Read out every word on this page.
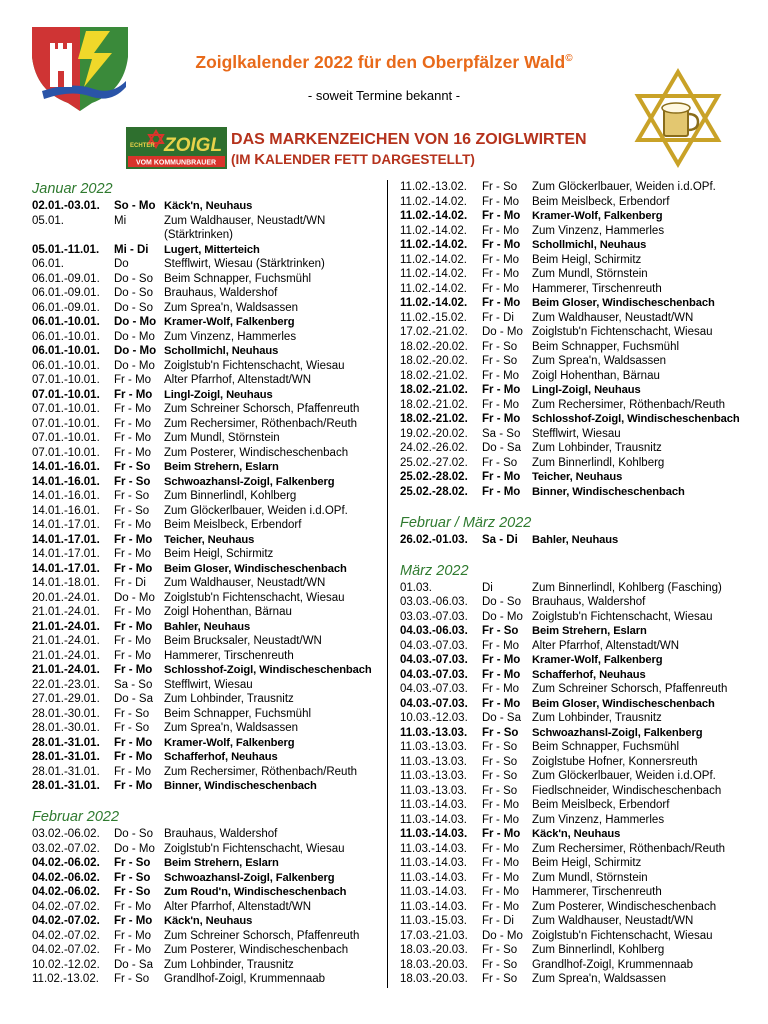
Zoiglkalender 2022 für den Oberpfälzer Wald©
- soweit Termine bekannt -
ECHTER ZOIGL
VOM KOMMUNBRAUER
DAS MARKENZEICHEN VON 16 ZOIGLWIRTEN
(IM KALENDER FETT DARGESTELLT)
Januar 2022
02.01.-03.01. So - Mo Käck'n, Neuhaus
05.01.	Mi	Zum Waldhauser, Neustadt/WN
(Stärktrinken)
05.01.-11.01. Mi - Di Lugert, Mitterteich
06.01.	Do	Stefflwirt, Wiesau (Stärktrinken)
06.01.-09.01. Do - So Beim Schnapper, Fuchsmühl
06.01.-09.01. Do - So Brauhaus, Waldershof
06.01.-09.01. Do - So Zum Sprea'n, Waldsassen
06.01.-10.01. Do - Mo Kramer-Wolf, Falkenberg
06.01.-10.01. Do - Mo Zum Vinzenz, Hammerles
06.01.-10.01. Do - Mo Schollmichl, Neuhaus
06.01.-10.01. Do - Mo Zoiglstub'n Fichtenschacht, Wiesau
07.01.-10.01. Fr - Mo Alter Pfarrhof, Altenstadt/WN
07.01.-10.01. Fr - Mo Lingl-Zoigl, Neuhaus
07.01.-10.01. Fr - Mo Zum Schreiner Schorsch, Pfaffenreuth
07.01.-10.01. Fr - Mo Zum Rechersimer, Röthenbach/Reuth
07.01.-10.01. Fr - Mo Zum Mundl, Störnstein
07.01.-10.01. Fr - Mo Zum Posterer, Windischeschenbach
14.01.-16.01. Fr - So Beim Strehern, Eslarn
14.01.-16.01. Fr - So Schwoazhansl-Zoigl, Falkenberg
14.01.-16.01. Fr - So Zum Binnerlindl, Kohlberg
14.01.-16.01. Fr - So Zum Glöckerlbauer, Weiden i.d.OPf.
14.01.-17.01. Fr - Mo Beim Meislbeck, Erbendorf
14.01.-17.01. Fr - Mo Teicher, Neuhaus
14.01.-17.01. Fr - Mo Beim Heigl, Schirmitz
14.01.-17.01. Fr - Mo Beim Gloser, Windischeschenbach
14.01.-18.01. Fr - Di Zum Waldhauser, Neustadt/WN
20.01.-24.01. Do - Mo Zoiglstub'n Fichtenschacht, Wiesau
21.01.-24.01. Fr - Mo Zoigl Hohenthan, Bärnau
21.01.-24.01. Fr - Mo Bahler, Neuhaus
21.01.-24.01. Fr - Mo Beim Brucksaler, Neustadt/WN
21.01.-24.01. Fr - Mo Hammerer, Tirschenreuth
21.01.-24.01. Fr - Mo Schlosshof-Zoigl, Windischeschenbach
22.01.-23.01. Sa - So Stefflwirt, Wiesau
27.01.-29.01. Do - Sa Zum Lohbinder, Trausnitz
28.01.-30.01. Fr - So Beim Schnapper, Fuchsmühl
28.01.-30.01. Fr - So Zum Sprea'n, Waldsassen
28.01.-31.01. Fr - Mo Kramer-Wolf, Falkenberg
28.01.-31.01. Fr - Mo Schafferhof, Neuhaus
28.01.-31.01. Fr - Mo Zum Rechersimer, Röthenbach/Reuth
28.01.-31.01. Fr - Mo Binner, Windischeschenbach
Februar 2022
03.02.-06.02. Do - So Brauhaus, Waldershof
03.02.-07.02. Do - Mo Zoiglstub'n Fichtenschacht, Wiesau
04.02.-06.02. Fr - So Beim Strehern, Eslarn
04.02.-06.02. Fr - So Schwoazhansl-Zoigl, Falkenberg
04.02.-06.02. Fr - So Zum Roud'n, Windischeschenbach
04.02.-07.02. Fr - Mo Alter Pfarrhof, Altenstadt/WN
04.02.-07.02. Fr - Mo Käck'n, Neuhaus
04.02.-07.02. Fr - Mo Zum Schreiner Schorsch, Pfaffenreuth
04.02.-07.02. Fr - Mo Zum Posterer, Windischeschenbach
10.02.-12.02. Do - Sa Zum Lohbinder, Trausnitz
11.02.-13.02. Fr - So Grandlhof-Zoigl, Krummennaab
11.02.-13.02. Fr - So Zum Glöckerlbauer, Weiden i.d.OPf.
11.02.-14.02. Fr - Mo Beim Meislbeck, Erbendorf
11.02.-14.02. Fr - Mo Kramer-Wolf, Falkenberg
11.02.-14.02. Fr - Mo Zum Vinzenz, Hammerles
11.02.-14.02. Fr - Mo Schollmichl, Neuhaus
11.02.-14.02. Fr - Mo Beim Heigl, Schirmitz
11.02.-14.02. Fr - Mo Zum Mundl, Störnstein
11.02.-14.02. Fr - Mo Hammerer, Tirschenreuth
11.02.-14.02. Fr - Mo Beim Gloser, Windischeschenbach
11.02.-15.02. Fr - Di Zum Waldhauser, Neustadt/WN
17.02.-21.02. Do - Mo Zoiglstub'n Fichtenschacht, Wiesau
18.02.-20.02. Fr - So Beim Schnapper, Fuchsmühl
18.02.-20.02. Fr - So Zum Sprea'n, Waldsassen
18.02.-21.02. Fr - Mo Zoigl Hohenthan, Bärnau
18.02.-21.02. Fr - Mo Lingl-Zoigl, Neuhaus
18.02.-21.02. Fr - Mo Zum Rechersimer, Röthenbach/Reuth
18.02.-21.02. Fr - Mo Schlosshof-Zoigl, Windischeschenbach
19.02.-20.02. Sa - So Stefflwirt, Wiesau
24.02.-26.02. Do - Sa Zum Lohbinder, Trausnitz
25.02.-27.02. Fr - So Zum Binnerlindl, Kohlberg
25.02.-28.02. Fr - Mo Teicher, Neuhaus
25.02.-28.02. Fr - Mo Binner, Windischeschenbach
Februar / März 2022
26.02.-01.03. Sa - Di Bahler, Neuhaus
März 2022
01.03.	Di	Zum Binnerlindl, Kohlberg (Fasching)
03.03.-06.03. Do - So Brauhaus, Waldershof
03.03.-07.03. Do - Mo Zoiglstub'n Fichtenschacht, Wiesau
04.03.-06.03. Fr - So Beim Strehern, Eslarn
04.03.-07.03. Fr - Mo Alter Pfarrhof, Altenstadt/WN
04.03.-07.03. Fr - Mo Kramer-Wolf, Falkenberg
04.03.-07.03. Fr - Mo Schafferhof, Neuhaus
04.03.-07.03. Fr - Mo Zum Schreiner Schorsch, Pfaffenreuth
04.03.-07.03. Fr - Mo Beim Gloser, Windischeschenbach
10.03.-12.03. Do - Sa Zum Lohbinder, Trausnitz
11.03.-13.03. Fr - So Schwoazhansl-Zoigl, Falkenberg
11.03.-13.03. Fr - So Beim Schnapper, Fuchsmühl
11.03.-13.03. Fr - So Zoiglstube Hofner, Konnersreuth
11.03.-13.03. Fr - So Zum Glöckerlbauer, Weiden i.d.OPf.
11.03.-13.03. Fr - So Fiedlschneider, Windischeschenbach
11.03.-14.03. Fr - Mo Beim Meislbeck, Erbendorf
11.03.-14.03. Fr - Mo Zum Vinzenz, Hammerles
11.03.-14.03. Fr - Mo Käck'n, Neuhaus
11.03.-14.03. Fr - Mo Zum Rechersimer, Röthenbach/Reuth
11.03.-14.03. Fr - Mo Beim Heigl, Schirmitz
11.03.-14.03. Fr - Mo Zum Mundl, Störnstein
11.03.-14.03. Fr - Mo Hammerer, Tirschenreuth
11.03.-14.03. Fr - Mo Zum Posterer, Windischeschenbach
11.03.-15.03. Fr - Di Zum Waldhauser, Neustadt/WN
17.03.-21.03. Do - Mo Zoiglstub'n Fichtenschacht, Wiesau
18.03.-20.03. Fr - So Zum Binnerlindl, Kohlberg
18.03.-20.03. Fr - So Grandlhof-Zoigl, Krummennaab
18.03.-20.03. Fr - So Zum Sprea'n, Waldsassen
